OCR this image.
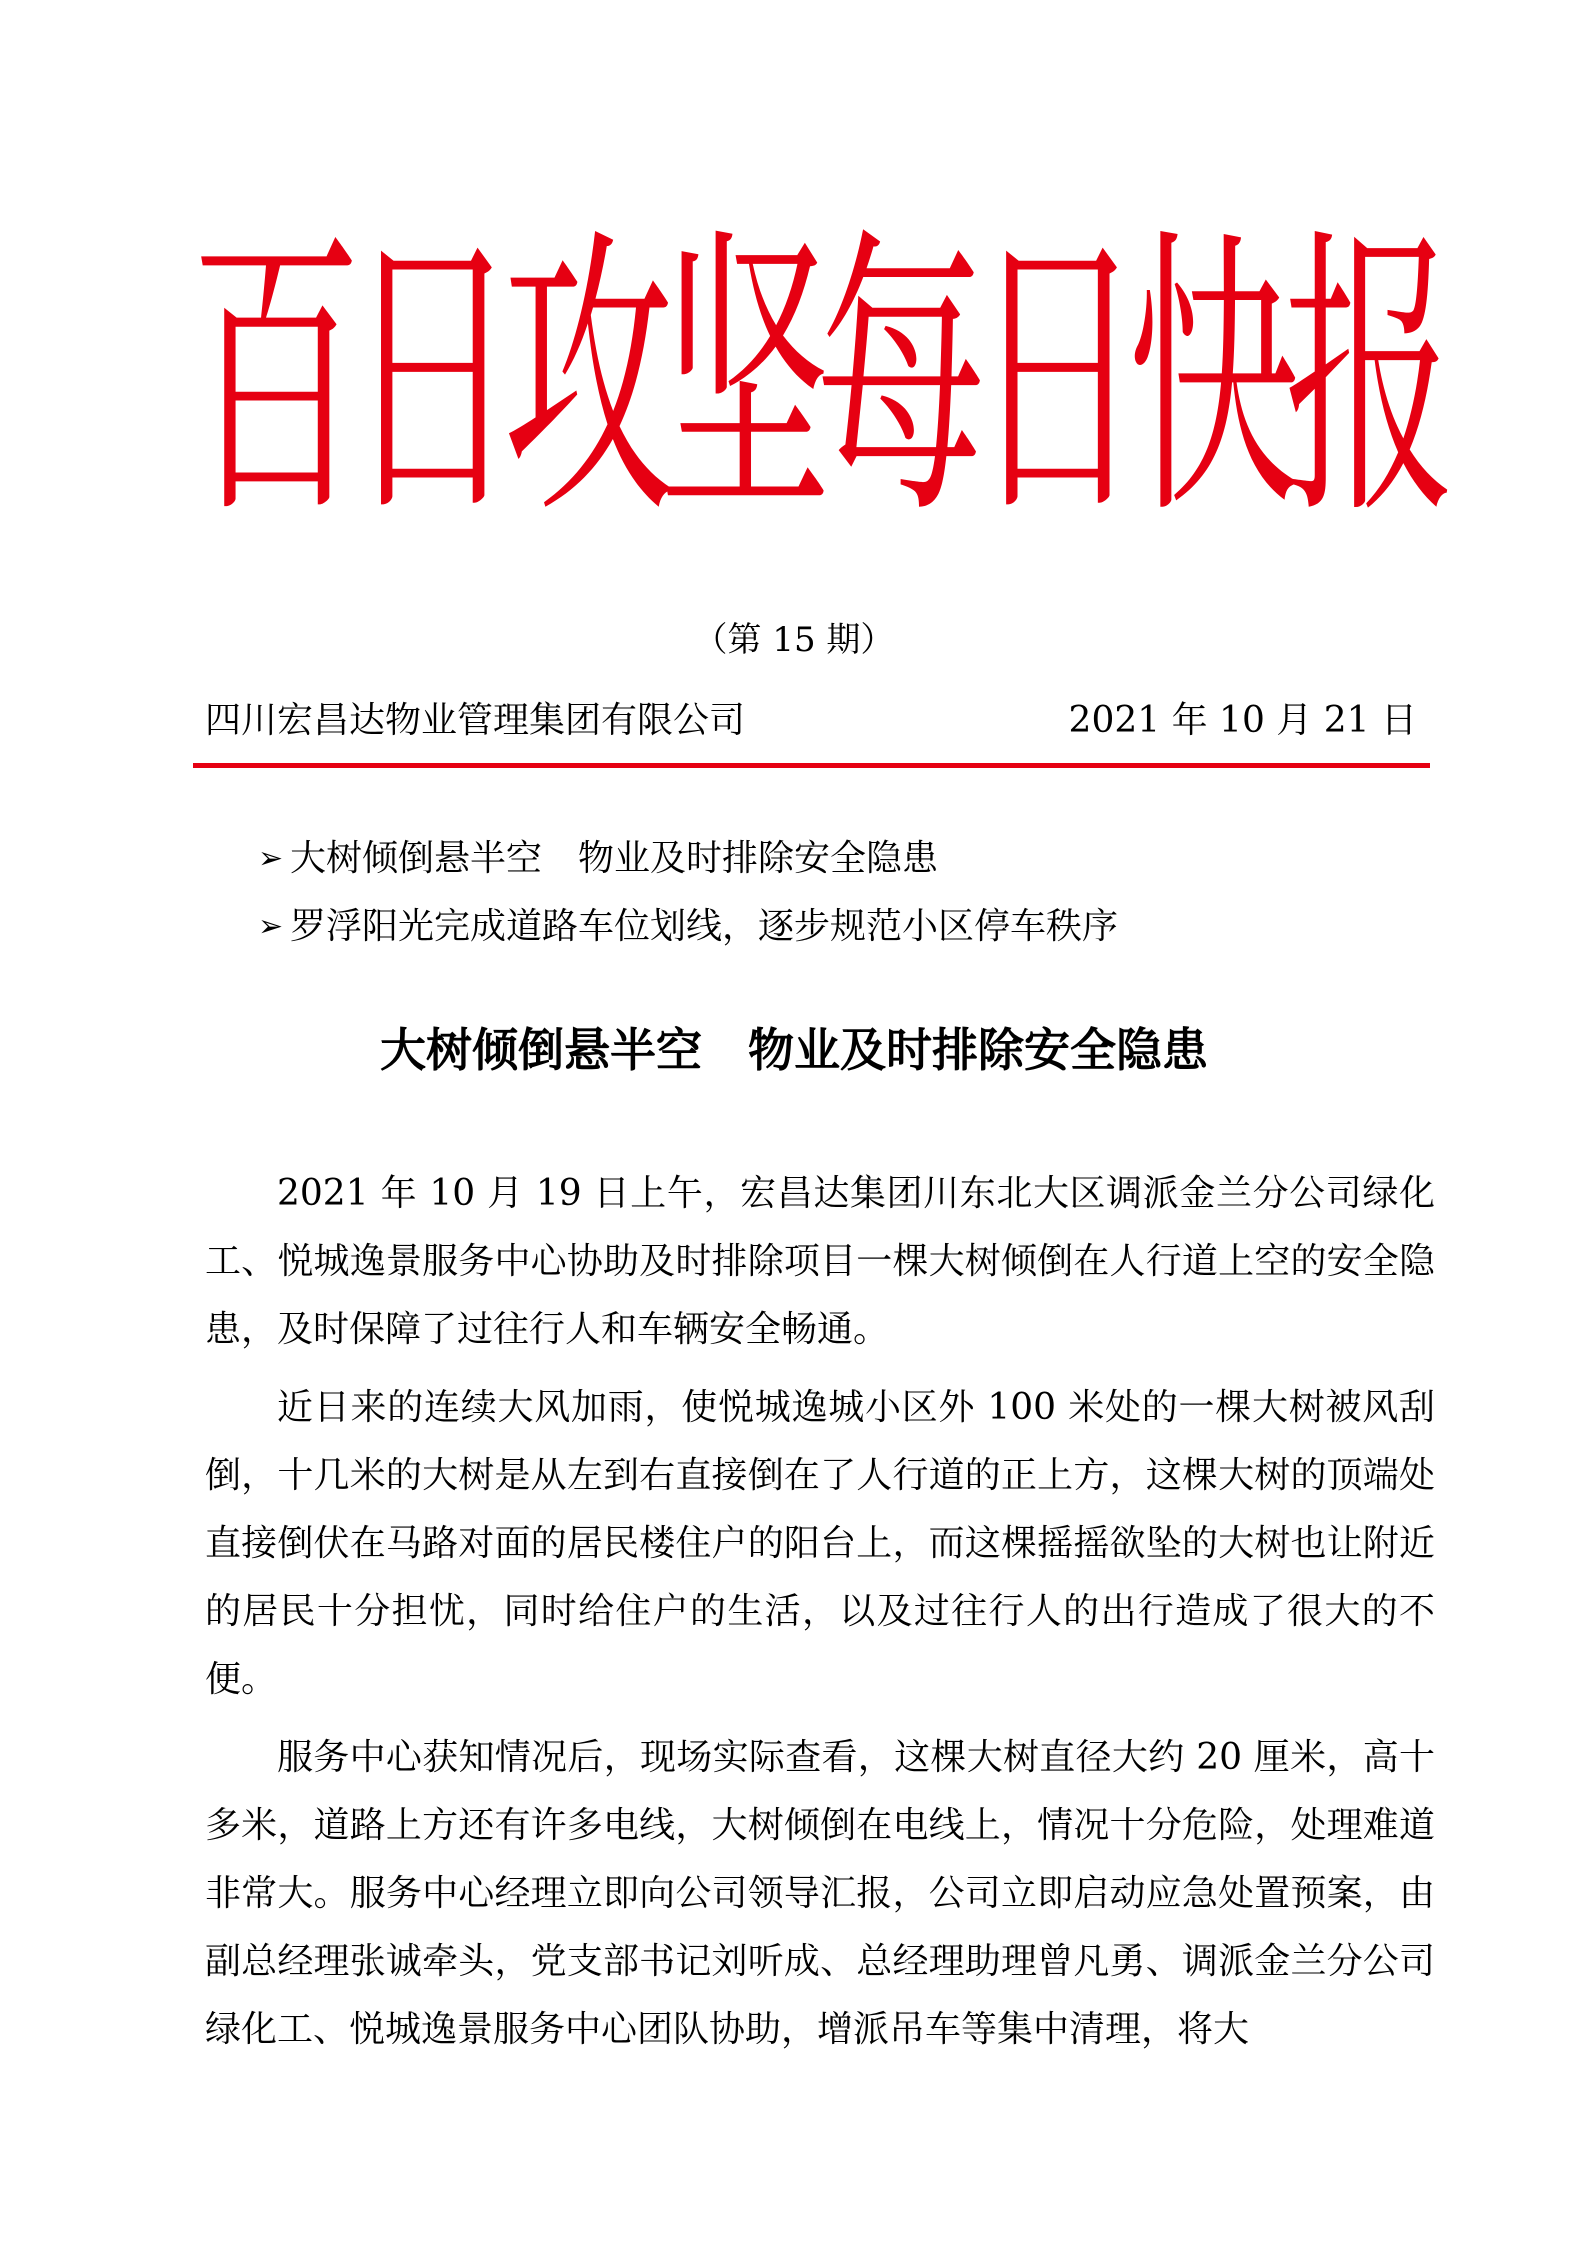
百
日
攻
坚
每
日
快
报
（第 15 期）
四川宏昌达物业管理集团有限公司	2021 年 10 月 21 日
➢ 大树倾倒悬半空　物业及时排除安全隐患
➢ 罗浮阳光完成道路车位划线，逐步规范小区停车秩序
大树倾倒悬半空　物业及时排除安全隐患

2021 年 10 月 19 日上午，宏昌达集团川东北大区调派金兰分公司绿化工、悦城逸景服务中心协助及时排除项目一棵大树倾倒在人行道上空的安全隐患，及时保障了过往行人和车辆安全畅通。

近日来的连续大风加雨，使悦城逸城小区外 100 米处的一棵大树被风刮倒，十几米的大树是从左到右直接倒在了人行道的正上方，这棵大树的顶端处直接倒伏在马路对面的居民楼住户的阳台上，而这棵摇摇欲坠的大树也让附近的居民十分担忧，同时给住户的生活，以及过往行人的出行造成了很大的不便。

服务中心获知情况后，现场实际查看，这棵大树直径大约 20 厘米，高十多米，道路上方还有许多电线，大树倾倒在电线上，情况十分危险，处理难道非常大。服务中心经理立即向公司领导汇报，公司立即启动应急处置预案，由副总经理张诚牵头，党支部书记刘听成、总经理助理曾凡勇、调派金兰分公司绿化工、悦城逸景服务中心团队协助，增派吊车等集中清理，将大
